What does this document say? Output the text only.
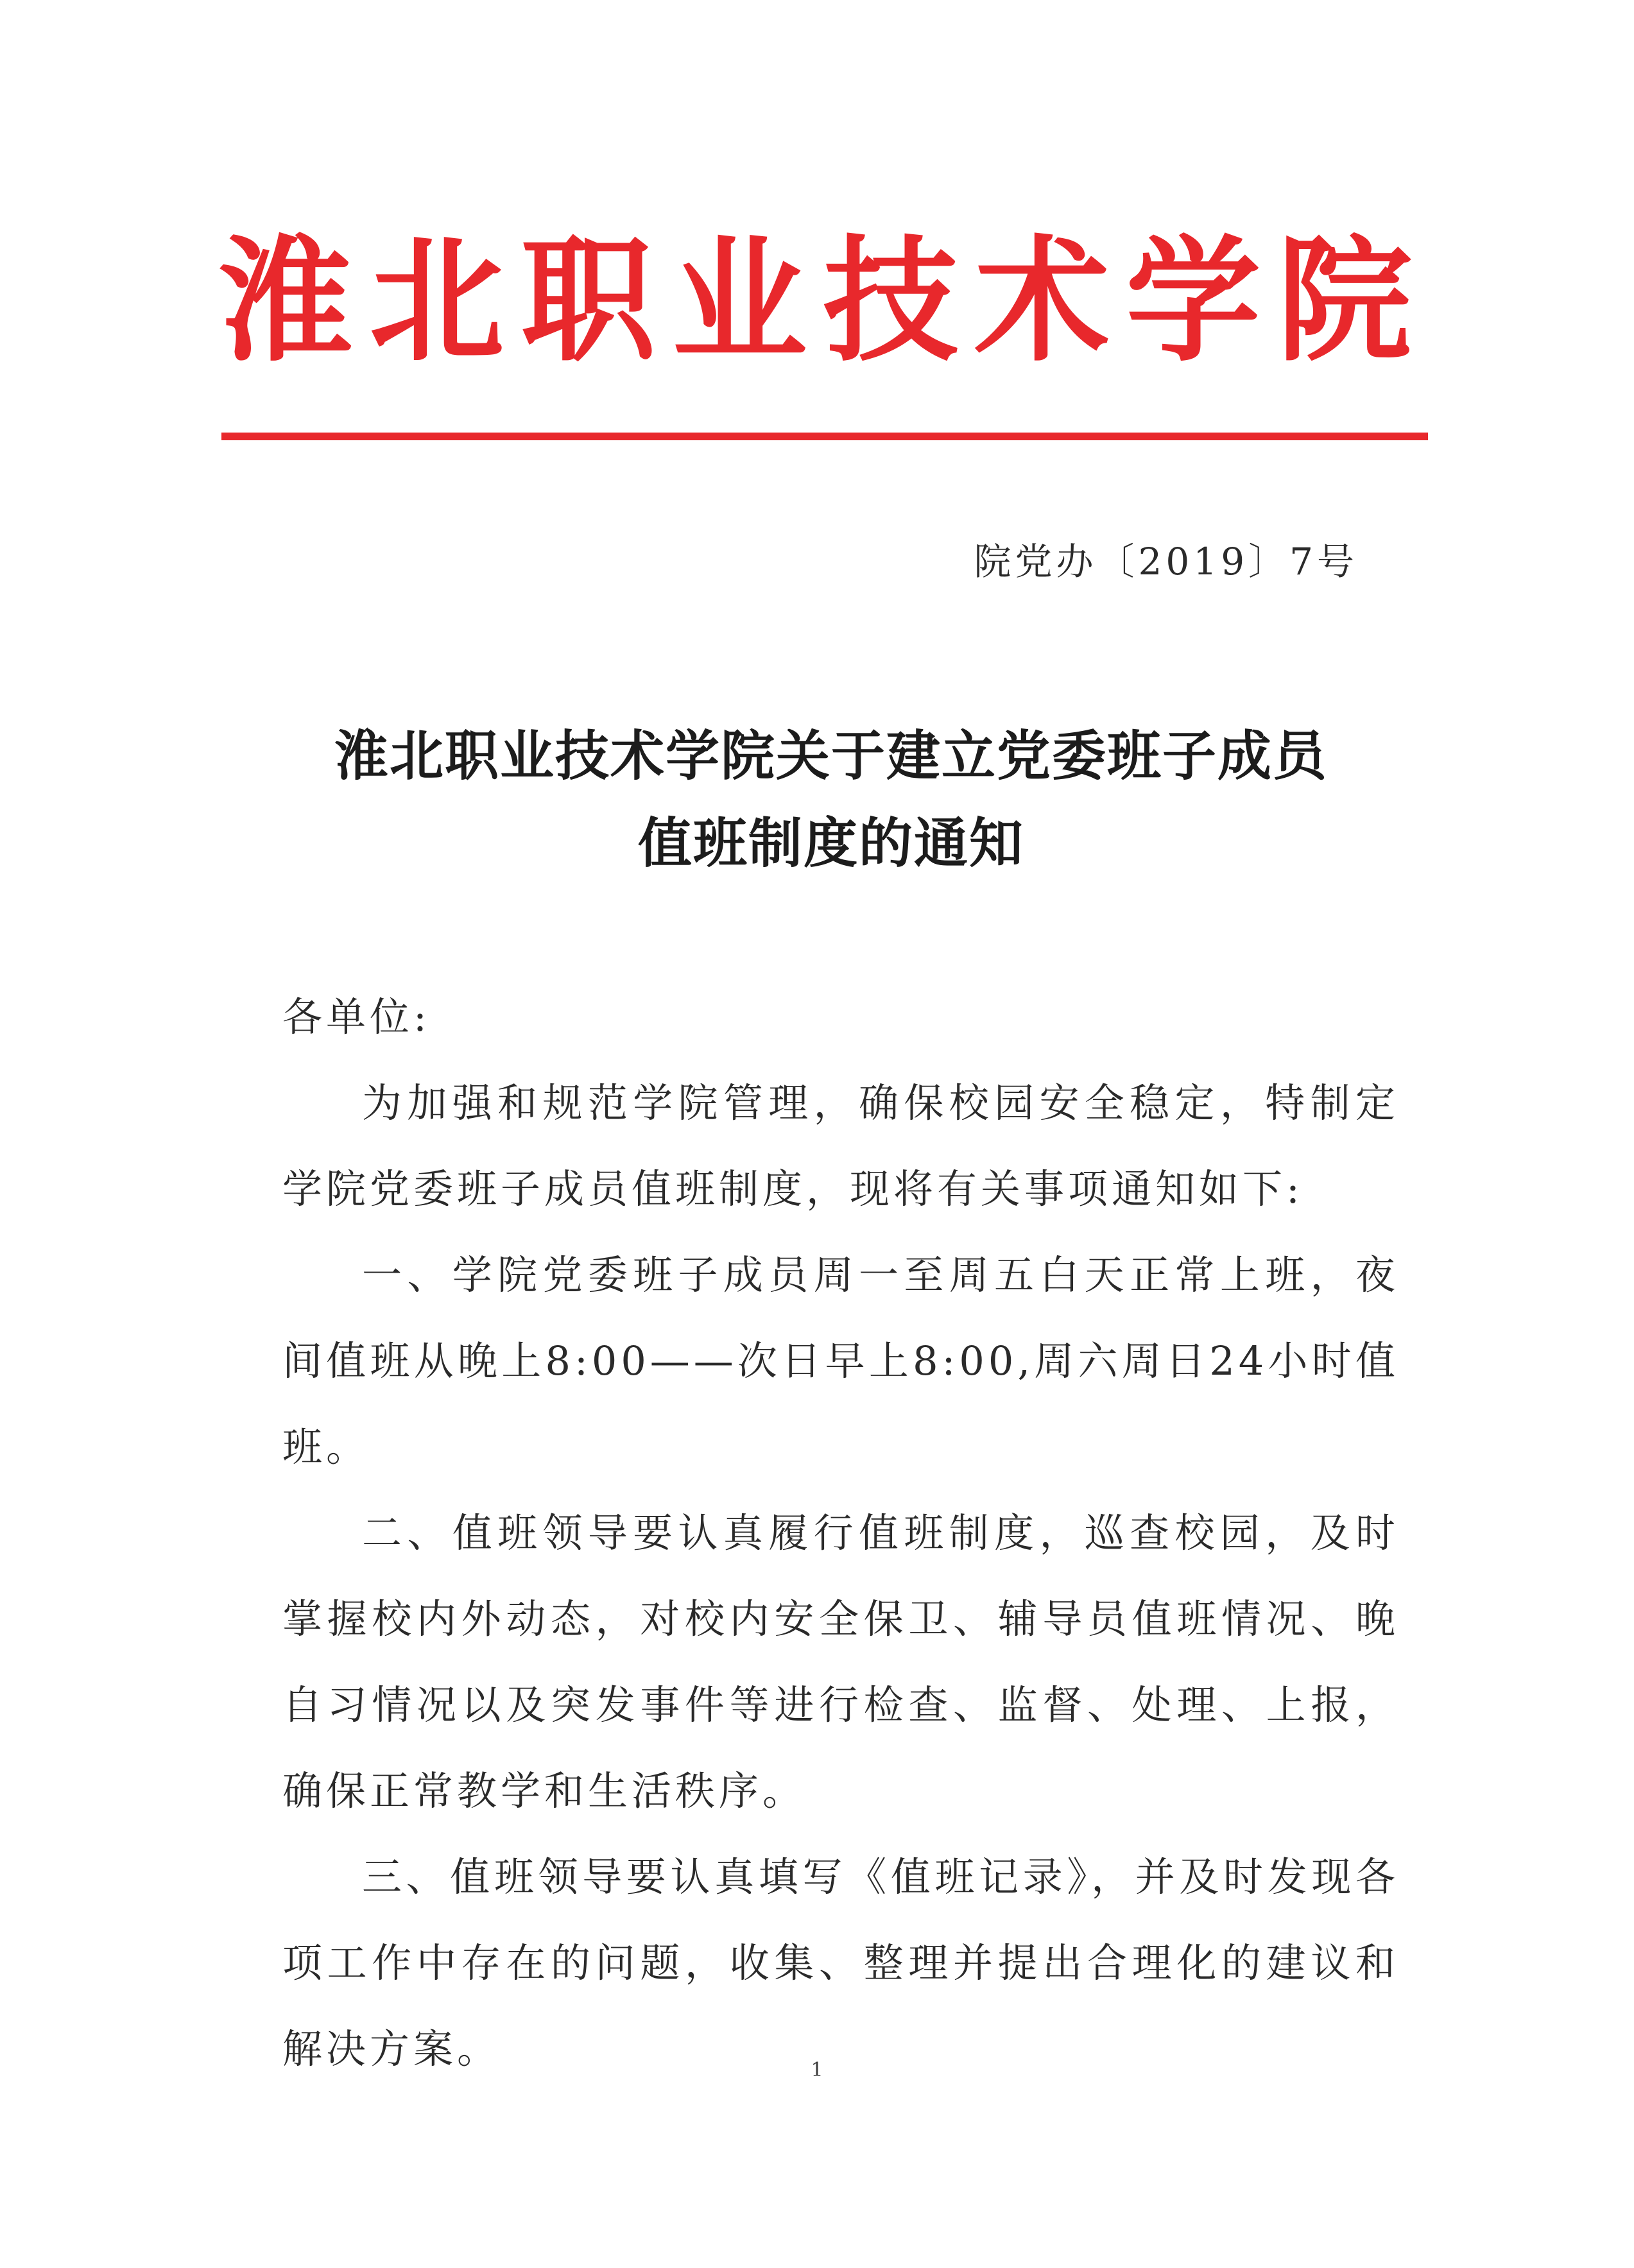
淮 北 职 业 技 术 学 院
院党办〔2019〕7号
淮北职业技术学院关于建立党委班子成员
值班制度的通知

各单位:

为加强和规范学院管理，确保校园安全稳定，特制定学院党委班子成员值班制度，现将有关事项通知如下:

一、学院党委班子成员周一至周五白天正常上班，夜间值班从晚上8:00——次日早上8:00,周六周日24小时值班。

二、值班领导要认真履行值班制度，巡查校园，及时掌握校内外动态，对校内安全保卫、辅导员值班情况、晚自习情况以及突发事件等进行检查、监督、处理、上报，确保正常教学和生活秩序。

三、值班领导要认真填写《值班记录》，并及时发现各项工作中存在的问题，收集、整理并提出合理化的建议和解决方案。	1
